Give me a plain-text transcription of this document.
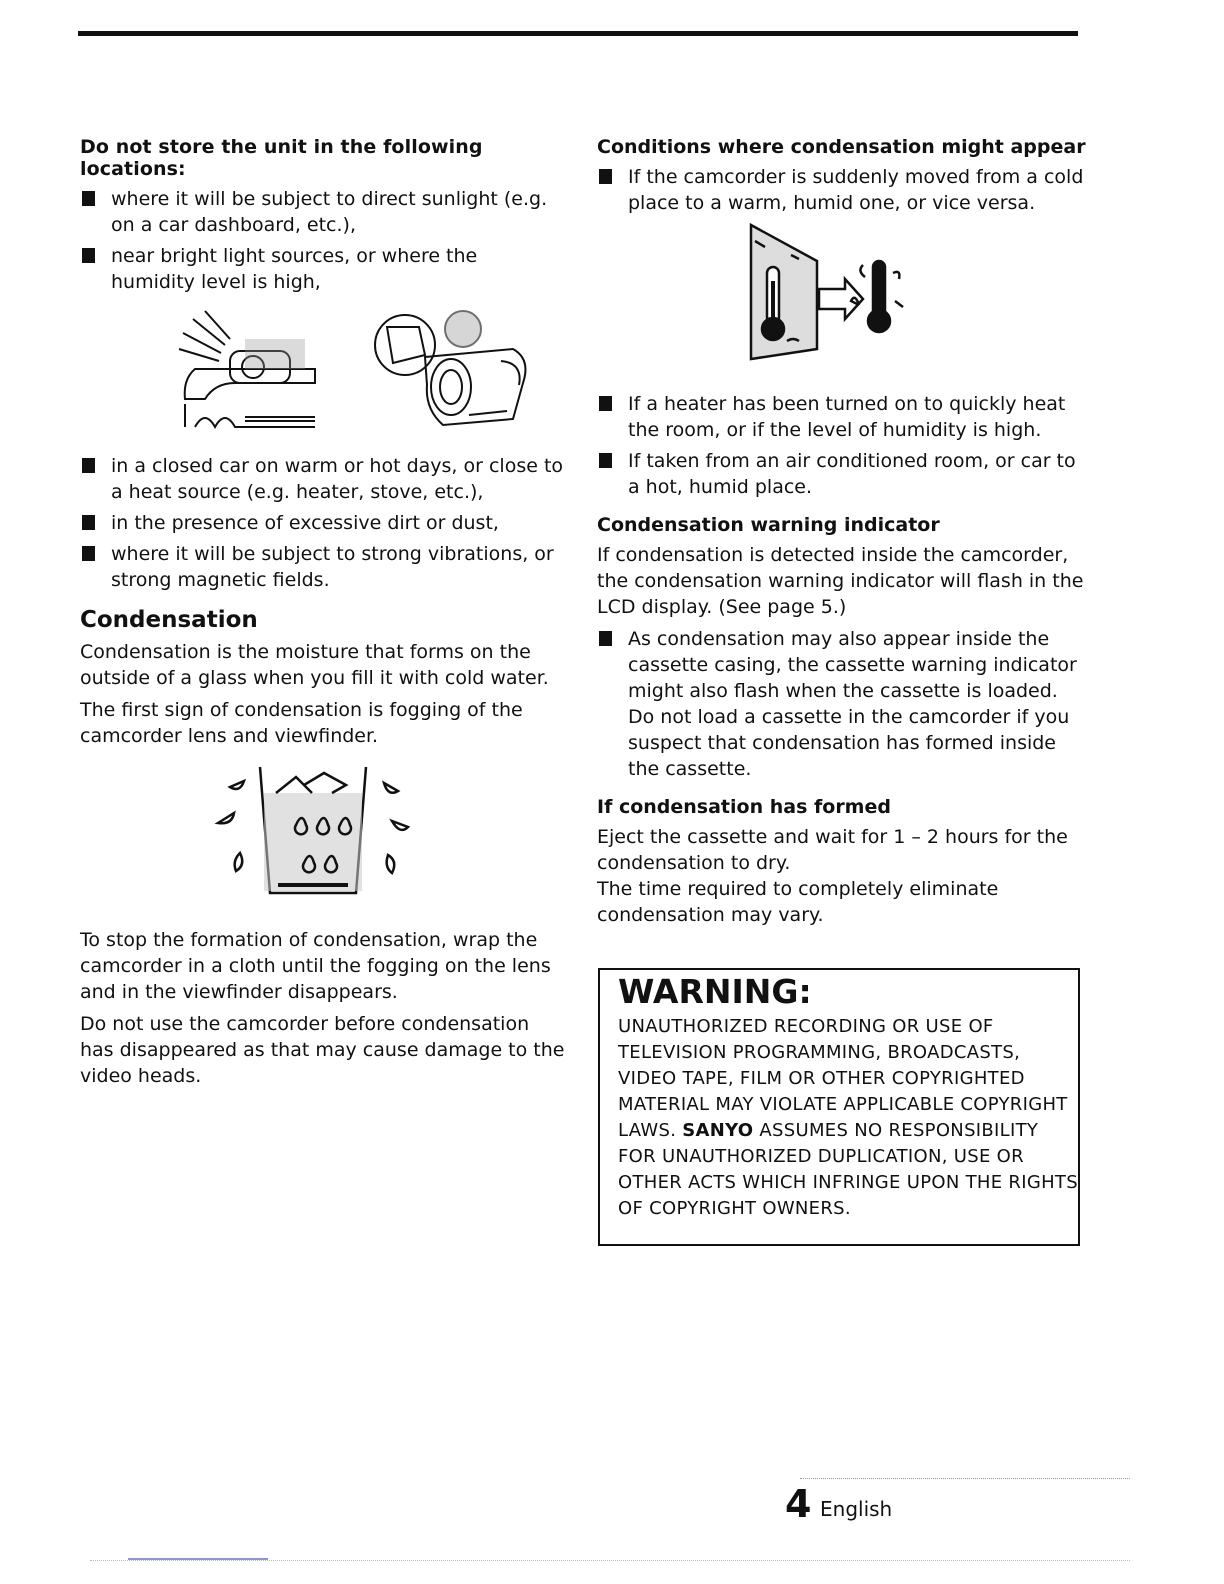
Do not store the unit in the following locations:

where it will be subject to direct sunlight (e.g. on a car dashboard, etc.),
near bright light sources, or where the humidity level is high,
in a closed car on warm or hot days, or close to a heat source (e.g. heater, stove, etc.),
in the presence of excessive dirt or dust,
where it will be subject to strong vibrations, or strong magnetic fields.
Condensation

Condensation is the moisture that forms on the outside of a glass when you fill it with cold water.

The first sign of condensation is fogging of the camcorder lens and viewfinder.

To stop the formation of condensation, wrap the camcorder in a cloth until the fogging on the lens and in the viewfinder disappears.

Do not use the camcorder before condensation has disappeared as that may cause damage to the video heads.

Conditions where condensation might appear

If the camcorder is suddenly moved from a cold place to a warm, humid one, or vice versa.
If a heater has been turned on to quickly heat the room, or if the level of humidity is high.
If taken from an air conditioned room, or car to a hot, humid place.

Condensation warning indicator

If condensation is detected inside the camcorder, the condensation warning indicator will flash in the LCD display. (See page 5.)

As condensation may also appear inside the cassette casing, the cassette warning indicator might also flash when the cassette is loaded. Do not load a cassette in the camcorder if you suspect that condensation has formed inside the cassette.

If condensation has formed

Eject the cassette and wait for 1 – 2 hours for the condensation to dry.

The time required to completely eliminate condensation may vary.

WARNING:

UNAUTHORIZED RECORDING OR USE OF TELEVISION PROGRAMMING, BROADCASTS, VIDEO TAPE, FILM OR OTHER COPYRIGHTED MATERIAL MAY VIOLATE APPLICABLE COPYRIGHT LAWS. SANYO ASSUMES NO RESPONSIBILITY FOR UNAUTHORIZED DUPLICATION, USE OR OTHER ACTS WHICH INFRINGE UPON THE RIGHTS OF COPYRIGHT OWNERS.

4 English
